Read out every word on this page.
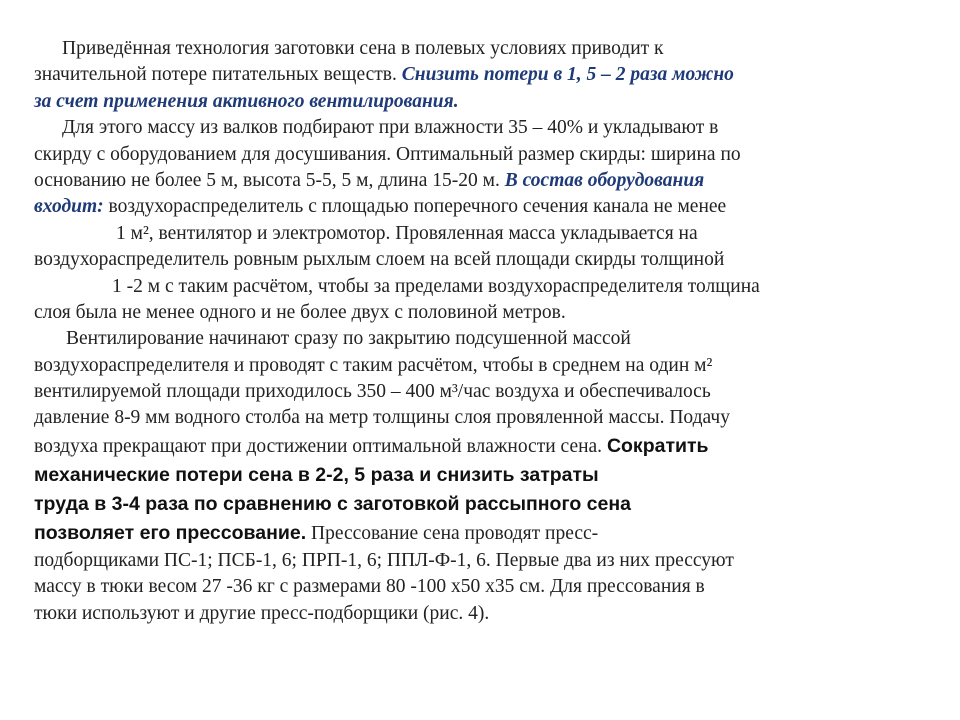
Приведённая технология заготовки сена в полевых условиях приводит к
значительной потере питательных веществ. Снизить потери в 1, 5 – 2 раза можно
за счет применения активного вентилирования.
Для этого массу из валков подбирают при влажности 35 – 40% и укладывают в
скирду с оборудованием для досушивания. Оптимальный размер скирды: ширина по
основанию не более 5 м, высота 5-5, 5 м, длина 15-20 м. В состав оборудования
входит: воздухораспределитель с площадью поперечного сечения канала не менее
1 м², вентилятор и электромотор. Провяленная масса укладывается на
воздухораспределитель ровным рыхлым слоем на всей площади скирды толщиной
1 -2 м с таким расчётом, чтобы за пределами воздухораспределителя толщина
слоя была не менее одного и не более двух с половиной метров.
Вентилирование начинают сразу по закрытию подсушенной массой
воздухораспределителя и проводят с таким расчётом, чтобы в среднем на один м²
вентилируемой площади приходилось 350 – 400 м³/час воздуха и обеспечивалось
давление 8-9 мм водного столба на метр толщины слоя провяленной массы. Подачу
воздуха прекращают при достижении оптимальной влажности сена. Сократить
механические потери сена в 2-2, 5 раза и снизить затраты
труда в 3-4 раза по сравнению с заготовкой рассыпного сена
позволяет его прессование. Прессование сена проводят пресс-
подборщиками ПС-1; ПСБ-1, 6; ПРП-1, 6; ППЛ-Ф-1, 6. Первые два из них прессуют
массу в тюки весом 27 -36 кг с размерами 80 -100 х50 х35 см. Для прессования в
тюки используют и другие пресс-подборщики (рис. 4).
